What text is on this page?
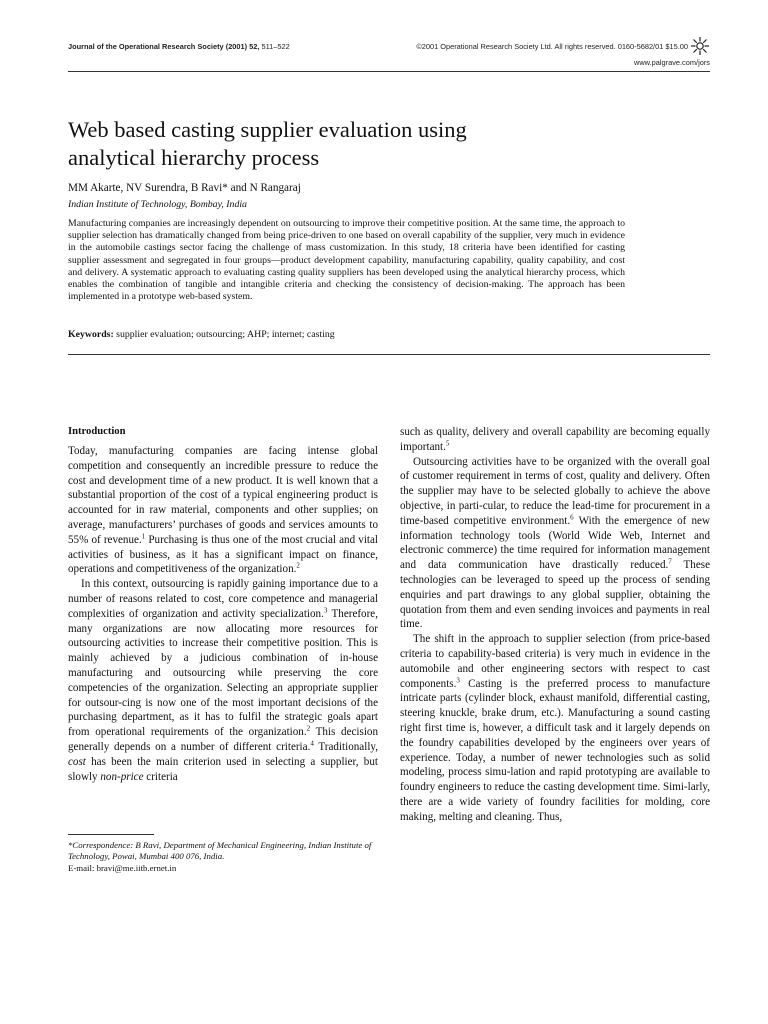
Journal of the Operational Research Society (2001) 52, 511–522	©2001 Operational Research Society Ltd. All rights reserved. 0160-5682/01 $15.00
www.palgrave.com/jors
Web based casting supplier evaluation using
analytical hierarchy process
MM Akarte, NV Surendra, B Ravi* and N Rangaraj
Indian Institute of Technology, Bombay, India

Manufacturing companies are increasingly dependent on outsourcing to improve their competitive position. At the same time, the approach to supplier selection has dramatically changed from being price-driven to one based on overall capability of the supplier, very much in evidence in the automobile castings sector facing the challenge of mass customization. In this study, 18 criteria have been identified for casting supplier assessment and segregated in four groups—product development capability, manufacturing capability, quality capability, and cost and delivery. A systematic approach to evaluating casting quality suppliers has been developed using the analytical hierarchy process, which enables the combination of tangible and intangible criteria and checking the consistency of decision-making. The approach has been implemented in a prototype web-based system.

Keywords: supplier evaluation; outsourcing; AHP; internet; casting
Introduction

Today, manufacturing companies are facing intense global competition and consequently an incredible pressure to reduce the cost and development time of a new product. It is well known that a substantial proportion of the cost of a typical engineering product is accounted for in raw material, components and other supplies; on average, manufacturers’ purchases of goods and services amounts to 55% of revenue.$^1$ Purchasing is thus one of the most crucial and vital activities of business, as it has a significant impact on finance, operations and competitiveness of the organization.$^2$

In this context, outsourcing is rapidly gaining importance due to a number of reasons related to cost, core competence and managerial complexities of organization and activity specialization.$^3$ Therefore, many organizations are now allocating more resources for outsourcing activities to increase their competitive position. This is mainly achieved by a judicious combination of in-house manufacturing and outsourcing while preserving the core competencies of the organization. Selecting an appropriate supplier for outsour-cing is now one of the most important decisions of the purchasing department, as it has to fulfil the strategic goals apart from operational requirements of the organization.$^2$ This decision generally depends on a number of different criteria.$^4$ Traditionally, cost has been the main criterion used in selecting a supplier, but slowly non-price criteria

such as quality, delivery and overall capability are becoming equally important.$^5$

Outsourcing activities have to be organized with the overall goal of customer requirement in terms of cost, quality and delivery. Often the supplier may have to be selected globally to achieve the above objective, in parti-cular, to reduce the lead-time for procurement in a time-based competitive environment.$^6$ With the emergence of new information technology tools (World Wide Web, Internet and electronic commerce) the time required for information management and data communication have drastically reduced.$^7$ These technologies can be leveraged to speed up the process of sending enquiries and part drawings to any global supplier, obtaining the quotation from them and even sending invoices and payments in real time.

The shift in the approach to supplier selection (from price-based criteria to capability-based criteria) is very much in evidence in the automobile and other engineering sectors with respect to cast components.$^3$ Casting is the preferred process to manufacture intricate parts (cylinder block, exhaust manifold, differential casting, steering knuckle, brake drum, etc.). Manufacturing a sound casting right first time is, however, a difficult task and it largely depends on the foundry capabilities developed by the engineers over years of experience. Today, a number of newer technologies such as solid modeling, process simu-lation and rapid prototyping are available to foundry engineers to reduce the casting development time. Simi-larly, there are a wide variety of foundry facilities for molding, core making, melting and cleaning. Thus,

*Correspondence: B Ravi, Department of Mechanical Engineering, Indian Institute of Technology, Powai, Mumbai 400 076, India.
E-mail: bravi@me.iitb.ernet.in
